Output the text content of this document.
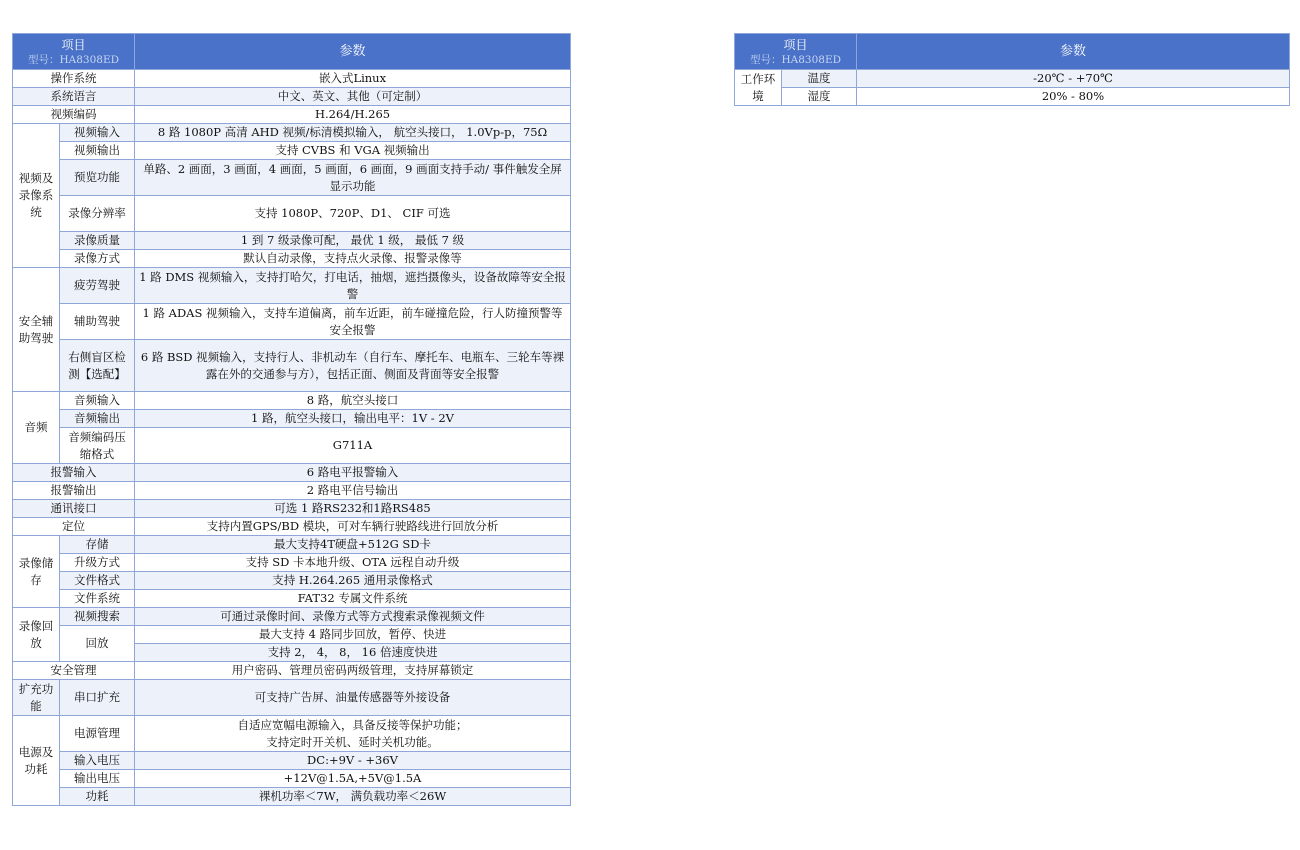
项目
型号：HA8308ED		参数
操作系统		嵌入式Linux
系统语言		中文、英文、其他（可定制）
视频编码		H.264/H.265
视频及录像系统	视频输入	8 路 1080P 高清 AHD 视频/标清模拟输入， 航空头接口， 1.0Vp-p，75Ω
	视频输出	支持 CVBS 和 VGA 视频输出
	预览功能	单路、2 画面，3 画面，4 画面，5 画面，6 画面，9 画面支持手动/ 事件触发全屏显示功能
	录像分辨率	支持 1080P、720P、D1、 CIF 可选
	录像质量	1 到 7 级录像可配， 最优 1 级， 最低 7 级
	录像方式	默认自动录像，支持点火录像、报警录像等
安全辅助驾驶	疲劳驾驶	1 路 DMS 视频输入，支持打哈欠，打电话，抽烟，遮挡摄像头，设备故障等安全报警
	辅助驾驶	1 路 ADAS 视频输入，支持车道偏离，前车近距，前车碰撞危险，行人防撞预警等安全报警
	右侧盲区检测【选配】	6 路 BSD 视频输入，支持行人、非机动车（自行车、摩托车、电瓶车、三轮车等裸露在外的交通参与方），包括正面、侧面及背面等安全报警
音频	音频输入	8 路，航空头接口
	音频输出	1 路，航空头接口，输出电平：1V - 2V
	音频编码压缩格式	G711A
报警输入		6 路电平报警输入
报警输出		2 路电平信号输出
通讯接口		可选 1 路RS232和1路RS485
定位		支持内置GPS/BD 模块，可对车辆行驶路线进行回放分析
录像储存	存储	最大支持4T硬盘+512G SD卡
	升级方式	支持 SD 卡本地升级、OTA 远程自动升级
	文件格式	支持 H.264.265 通用录像格式
	文件系统	FAT32 专属文件系统
录像回放	视频搜索	可通过录像时间、录像方式等方式搜索录像视频文件
	回放	最大支持 4 路同步回放，暂停、快进
		支持 2， 4， 8， 16 倍速度快进
安全管理		用户密码、管理员密码两级管理，支持屏幕锁定
扩充功能	串口扩充	可支持广告屏、油量传感器等外接设备
电源及功耗	电源管理	自适应宽幅电源输入，具备反接等保护功能；
支持定时开关机、延时关机功能。

	输入电压	DC:+9V - +36V
	输出电压	+12V@1.5A,+5V@1.5A
	功耗	裸机功率＜7W， 满负载功率＜26W
项目
型号：HA8308ED		参数
工作环境	温度	-20℃ - +70℃
	湿度	20% - 80%
